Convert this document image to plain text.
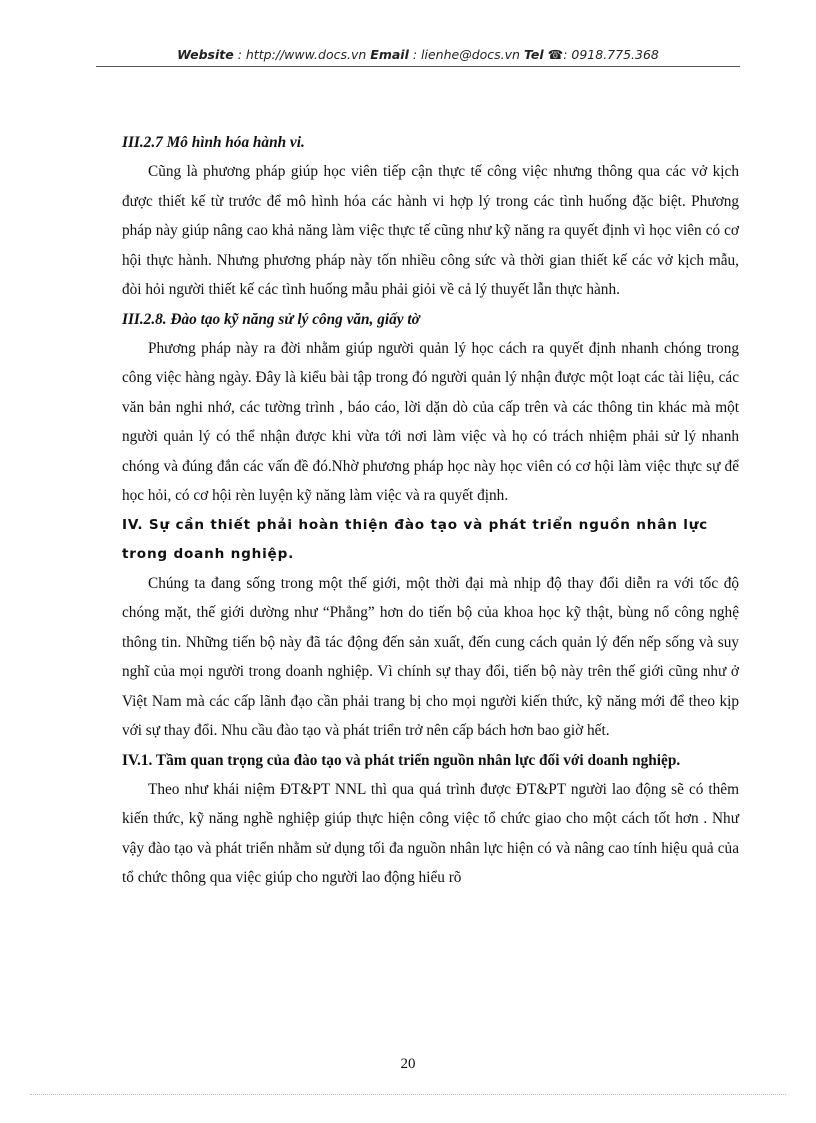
Website : http://www.docs.vn Email : lienhe@docs.vn Tel ☎: 0918.775.368

III.2.7 Mô hình hóa hành vi.

Cũng là phương pháp giúp học viên tiếp cận thực tế công việc nhưng thông qua các vở kịch được thiết kế từ trước để mô hình hóa các hành vi hợp lý trong các tình huống đặc biệt. Phương pháp này giúp nâng cao khả năng làm việc thực tế cũng như kỹ năng ra quyết định vì học viên có cơ hội thực hành. Nhưng phương pháp này tốn nhiều công sức và thời gian thiết kế các vở kịch mẫu, đòi hỏi người thiết kế các tình huống mẫu phải giỏi về cả lý thuyết lẫn thực hành.

III.2.8. Đào tạo kỹ năng sử lý công văn, giấy tờ

Phương pháp này ra đời nhằm giúp người quản lý học cách ra quyết định nhanh chóng trong công việc hàng ngày. Đây là kiểu bài tập trong đó người quản lý nhận được một loạt các tài liệu, các văn bản nghi nhớ, các tường trình , báo cáo, lời dặn dò của cấp trên và các thông tin khác mà một người quản lý có thể nhận được khi vừa tới nơi làm việc và họ có trách nhiệm phải sử lý nhanh chóng và đúng đắn các vấn đề đó.Nhờ phương pháp học này học viên có cơ hội làm việc thực sự để học hỏi, có cơ hội rèn luyện kỹ năng làm việc và ra quyết định.

IV. Sự cần thiết phải hoàn thiện đào tạo và phát triển nguồn nhân lực trong doanh nghiệp.

Chúng ta đang sống trong một thế giới, một thời đại mà nhịp độ thay đổi diễn ra với tốc độ chóng mặt, thế giới dường như “Phẳng” hơn do tiến bộ của khoa học kỹ thật, bùng nổ công nghệ thông tin. Những tiến bộ này đã tác động đến sản xuất, đến cung cách quản lý đến nếp sống và suy nghĩ của mọi người trong doanh nghiệp. Vì chính sự thay đổi, tiến bộ này trên thế giới cũng như ở Việt Nam mà các cấp lãnh đạo cần phải trang bị cho mọi người kiến thức, kỹ năng mới để theo kịp với sự thay đổi. Nhu cầu đào tạo và phát triển trở nên cấp bách hơn bao giờ hết.

IV.1. Tầm quan trọng của đào tạo và phát triển nguồn nhân lực đối với doanh nghiệp.

Theo như khái niệm ĐT&PT NNL thì qua quá trình được ĐT&PT người lao động sẽ có thêm kiến thức, kỹ năng nghề nghiệp giúp thực hiện công việc tổ chức giao cho một cách tốt hơn . Như vậy đào tạo và phát triển nhằm sử dụng tối đa nguồn nhân lực hiện có và nâng cao tính hiệu quả của tổ chức thông qua việc giúp cho người lao động hiểu rõ

20
